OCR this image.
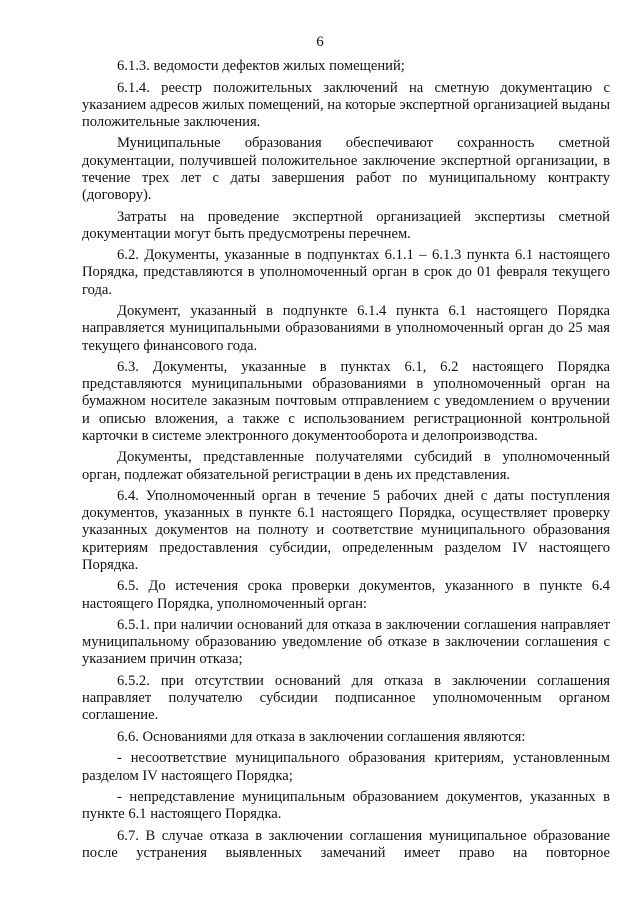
6

6.1.3. ведомости дефектов жилых помещений;

6.1.4. реестр положительных заключений на сметную документацию с указанием адресов жилых помещений, на которые экспертной организацией выданы положительные заключения.

Муниципальные образования обеспечивают сохранность сметной документации, получившей положительное заключение экспертной организации, в течение трех лет с даты завершения работ по муниципальному контракту (договору).

Затраты на проведение экспертной организацией экспертизы сметной документации могут быть предусмотрены перечнем.

6.2. Документы, указанные в подпунктах 6.1.1 – 6.1.3 пункта 6.1 настоящего Порядка, представляются в уполномоченный орган в срок до 01 февраля текущего года.

Документ, указанный в подпункте 6.1.4 пункта 6.1 настоящего Порядка направляется муниципальными образованиями в уполномоченный орган до 25 мая текущего финансового года.

6.3. Документы, указанные в пунктах 6.1, 6.2 настоящего Порядка представляются муниципальными образованиями в уполномоченный орган на бумажном носителе заказным почтовым отправлением с уведомлением о вручении и описью вложения, а также с использованием регистрационной контрольной карточки в системе электронного документооборота и делопроизводства.

Документы, представленные получателями субсидий в уполномоченный орган, подлежат обязательной регистрации в день их представления.

6.4. Уполномоченный орган в течение 5 рабочих дней с даты поступления документов, указанных в пункте 6.1 настоящего Порядка, осуществляет проверку указанных документов на полноту и соответствие муниципального образования критериям предоставления субсидии, определенным разделом IV настоящего Порядка.

6.5. До истечения срока проверки документов, указанного в пункте 6.4 настоящего Порядка, уполномоченный орган:

6.5.1. при наличии оснований для отказа в заключении соглашения направляет муниципальному образованию уведомление об отказе в заключении соглашения с указанием причин отказа;

6.5.2. при отсутствии оснований для отказа в заключении соглашения направляет получателю субсидии подписанное уполномоченным органом соглашение.

6.6. Основаниями для отказа в заключении соглашения являются:

- несоответствие муниципального образования критериям, установленным разделом IV настоящего Порядка;

- непредставление муниципальным образованием документов, указанных в пункте 6.1 настоящего Порядка.

6.7. В случае отказа в заключении соглашения муниципальное образование после устранения выявленных замечаний имеет право на повторное
